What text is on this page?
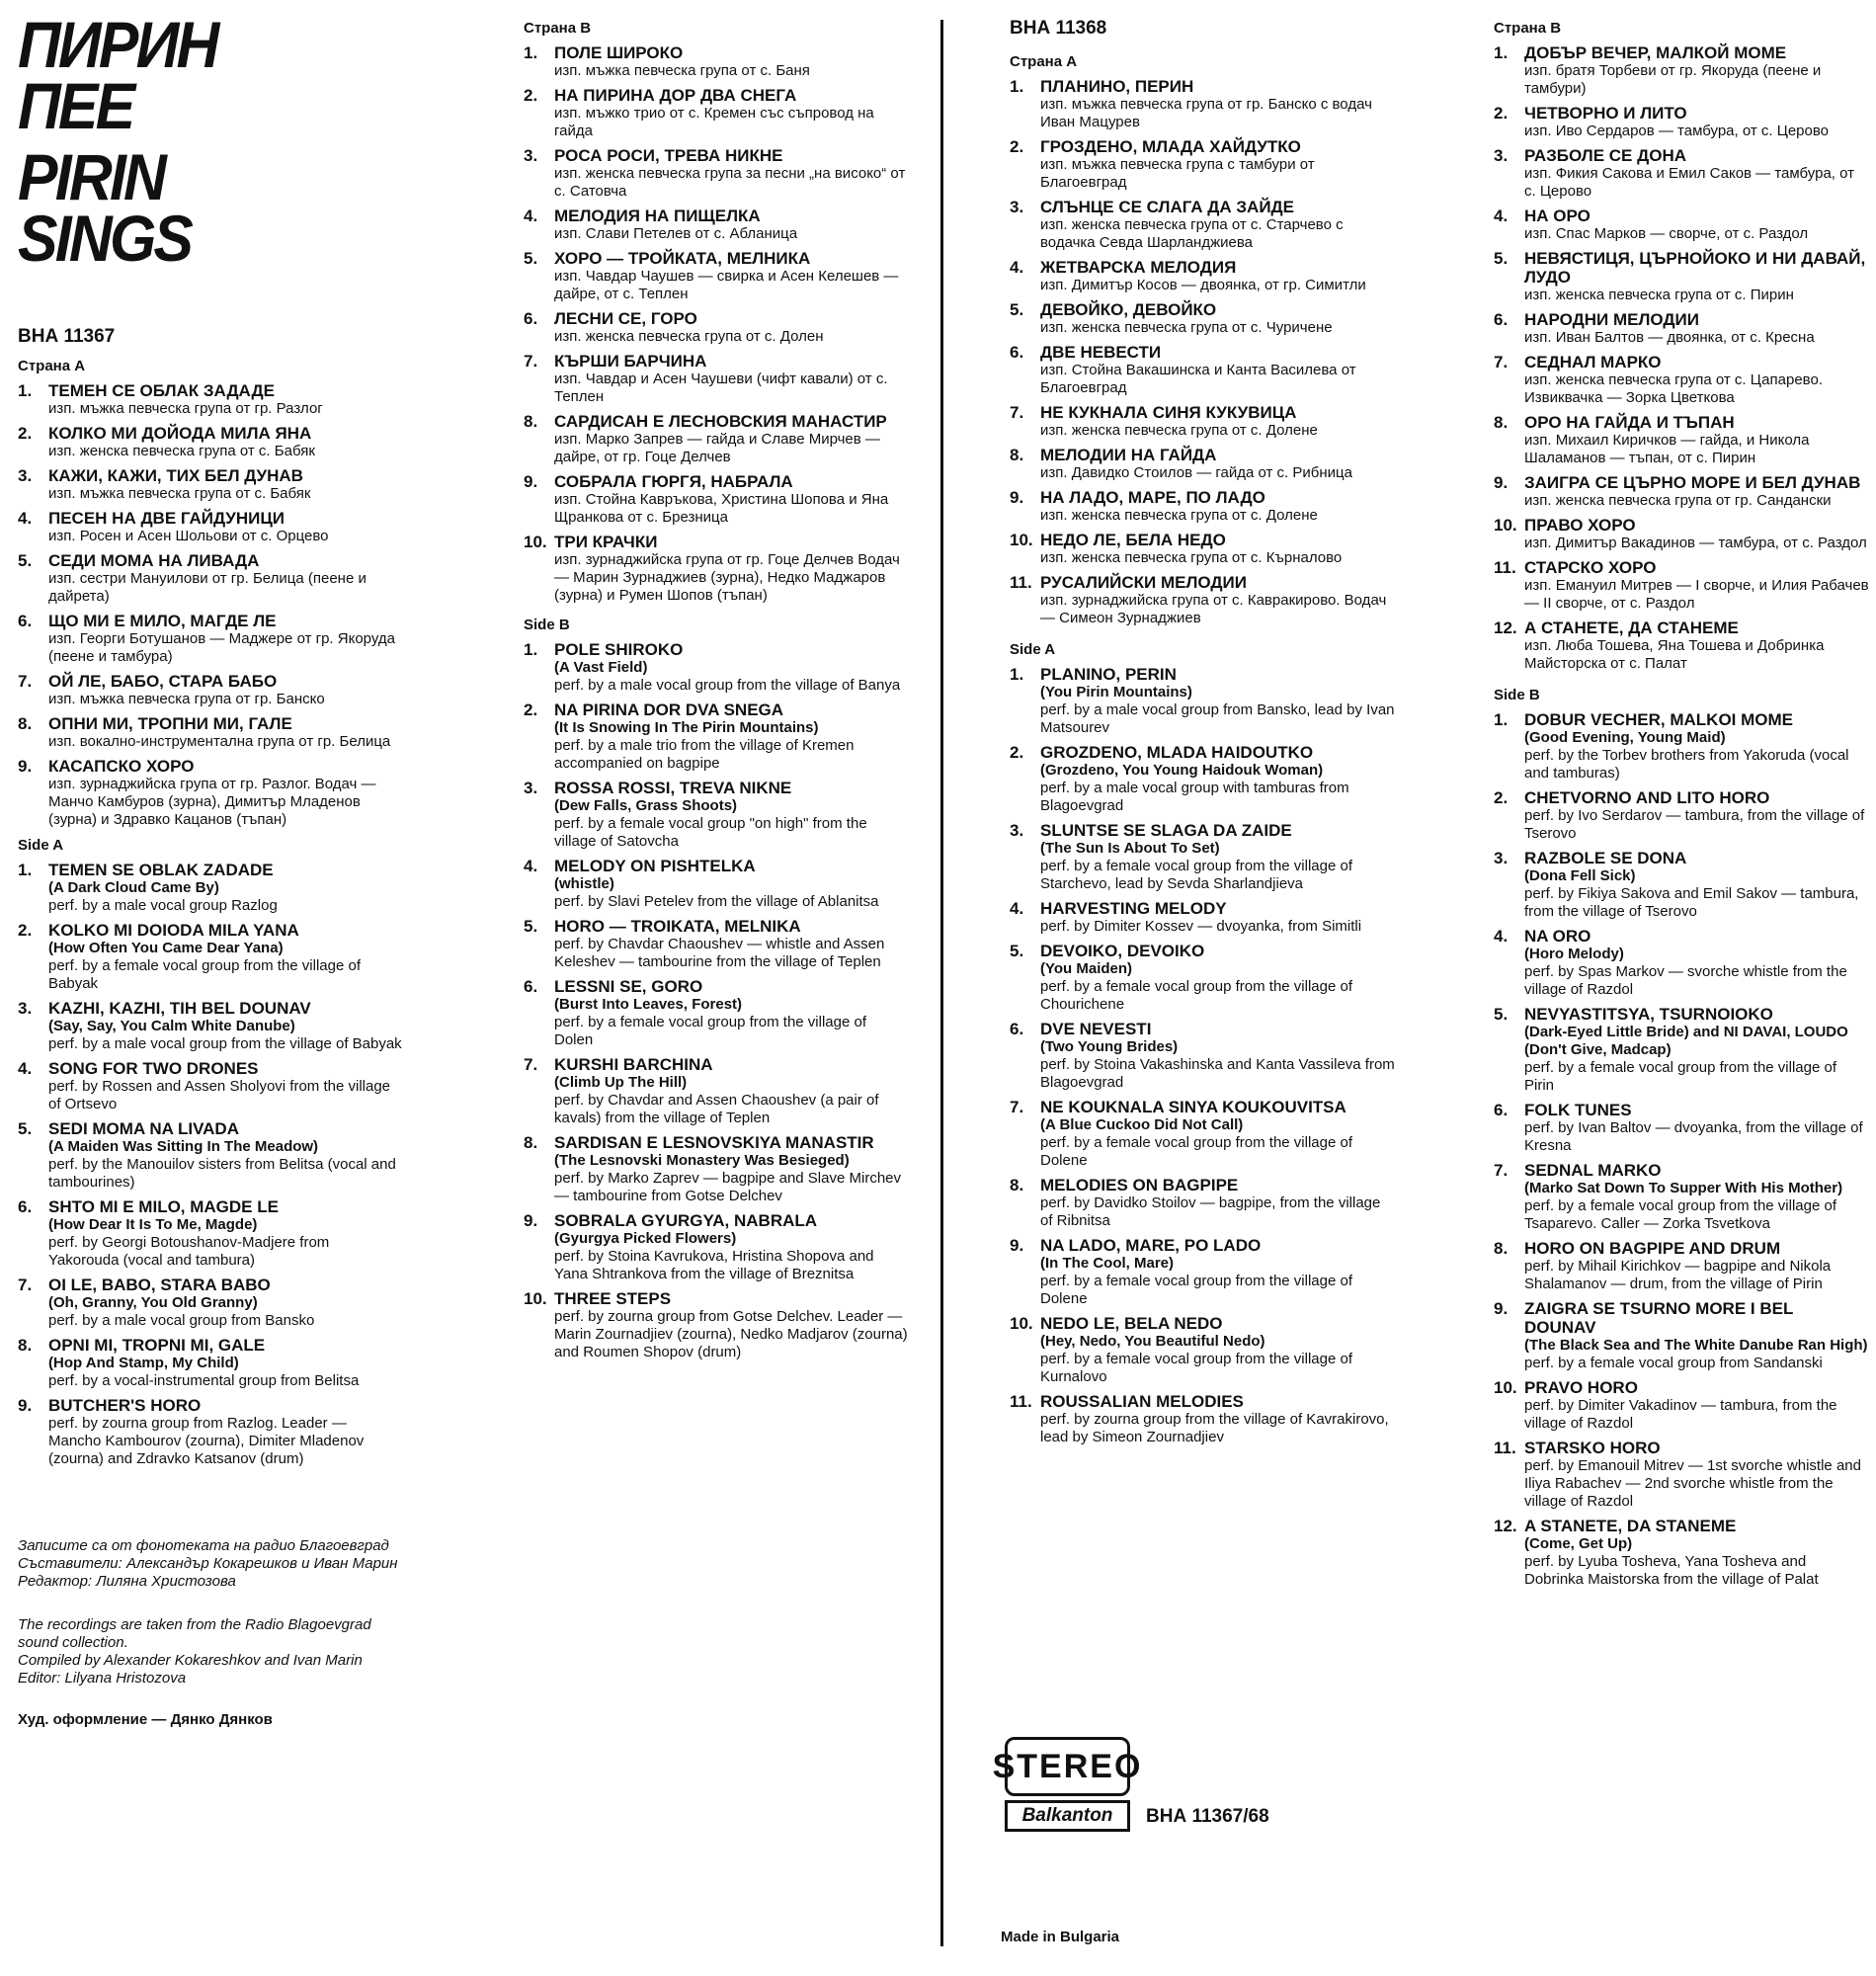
ПИРИН

ПЕЕ

PIRIN

SINGS

ВНА 11367
Страна А
1. ТЕМЕН СЕ ОБЛАК ЗАДАДЕ
изп. мъжка певческа група от гр. Разлог
2. КОЛКО МИ ДОЙОДА МИЛА ЯНА
изп. женска певческа група от с. Бабяк
3. КАЖИ, КАЖИ, ТИХ БЕЛ ДУНАВ
изп. мъжка певческа група от с. Бабяк
4. ПЕСЕН НА ДВЕ ГАЙДУНИЦИ
изп. Росен и Асен Шольови от с. Орцево
5. СЕДИ МОМА НА ЛИВАДА
изп. сестри Мануилови от гр. Белица (пеене и дайрета)
6. ЩО МИ Е МИЛО, МАГДЕ ЛЕ
изп. Георги Ботушанов — Маджере от гр. Якоруда (пеене и тамбура)
7. ОЙ ЛЕ, БАБО, СТАРА БАБО
изп. мъжка певческа група от гр. Банско
8. ОПНИ МИ, ТРОПНИ МИ, ГАЛЕ
изп. вокално-инструментална група от гр. Белица
9. КАСАПСКО ХОРО
изп. зурнаджийска група от гр. Разлог. Водач — Манчо Камбуров (зурна), Димитър Младенов (зурна) и Здравко Кацанов (тъпан)
Side A
1. TEMEN SE OBLAK ZADADE
(A Dark Cloud Came By)
perf. by a male vocal group Razlog
2. KOLKO MI DOIODA MILA YANA
(How Often You Came Dear Yana)
perf. by a female vocal group from the village of Babyak
3. KAZHI, KAZHI, TIH BEL DOUNAV
(Say, Say, You Calm White Danube)
perf. by a male vocal group from the village of Babyak
4. SONG FOR TWO DRONES
perf. by Rossen and Assen Sholyovi from the village of Ortsevo
5. SEDI MOMA NA LIVADA
(A Maiden Was Sitting In The Meadow)
perf. by the Manouilov sisters from Belitsa (vocal and tambourines)
6. SHTO MI E MILO, MAGDE LE
(How Dear It Is To Me, Magde)
perf. by Georgi Botoushanov-Madjere from Yakorouda (vocal and tambura)
7. OI LE, BABO, STARA BABO
(Oh, Granny, You Old Granny)
perf. by a male vocal group from Bansko
8. OPNI MI, TROPNI MI, GALE
(Hop And Stamp, My Child)
perf. by a vocal-instrumental group from Belitsa
9. BUTCHER'S HORO
perf. by zourna group from Razlog. Leader — Mancho Kambourov (zourna), Dimiter Mladenov (zourna) and Zdravko Katsanov (drum)
Записите са от фонотеката на радио Благоевград
Съставители: Александър Кокарешков и Иван Марин
Редактор: Лиляна Христозова
The recordings are taken from the Radio Blagoevgrad sound collection.
Compiled by Alexander Kokareshkov and Ivan Marin
Editor: Lilyana Hristozova
Худ. оформление — Дянко Дянков
Страна В
1. ПОЛЕ ШИРОКО
изп. мъжка певческа група от с. Баня
2. НА ПИРИНА ДОР ДВА СНЕГА
изп. мъжко трио от с. Кремен със съпровод на гайда
3. РОСА РОСИ, ТРЕВА НИКНЕ
изп. женска певческа група за песни „на високо“ от с. Сатовча
4. МЕЛОДИЯ НА ПИЩЕЛКА
изп. Слави Петелев от с. Абланица
5. ХОРО — ТРОЙКАТА, МЕЛНИКА
изп. Чавдар Чаушев — свирка и Асен Келешев — дайре, от с. Теплен
6. ЛЕСНИ СЕ, ГОРО
изп. женска певческа група от с. Долен
7. КЪРШИ БАРЧИНА
изп. Чавдар и Асен Чаушеви (чифт кавали) от с. Теплен
8. САРДИСАН Е ЛЕСНОВСКИЯ МАНАСТИР
изп. Марко Запрев — гайда и Славе Мирчев — дайре, от гр. Гоце Делчев
9. СОБРАЛА ГЮРГЯ, НАБРАЛА
изп. Стойна Кавръкова, Христина Шопова и Яна Щранкова от с. Брезница
10. ТРИ КРАЧКИ
изп. зурнаджийска група от гр. Гоце Делчев Водач — Марин Зурнаджиев (зурна), Недко Маджаров (зурна) и Румен Шопов (тъпан)
Side B
1. POLE SHIROKO
(A Vast Field)
perf. by a male vocal group from the village of Banya
2. NA PIRINA DOR DVA SNEGA
(It Is Snowing In The Pirin Mountains)
perf. by a male trio from the village of Kremen accompanied on bagpipe
3. ROSSA ROSSI, TREVA NIKNE
(Dew Falls, Grass Shoots)
perf. by a female vocal group "on high" from the village of Satovcha
4. MELODY ON PISHTELKA
(whistle)
perf. by Slavi Petelev from the village of Ablanitsa
5. HORO — TROIKATA, MELNIKA
perf. by Chavdar Chaoushev — whistle and Assen Keleshev — tambourine from the village of Teplen
6. LESSNI SE, GORO
(Burst Into Leaves, Forest)
perf. by a female vocal group from the village of Dolen
7. KURSHI BARCHINA
(Climb Up The Hill)
perf. by Chavdar and Assen Chaoushev (a pair of kavals) from the village of Teplen
8. SARDISAN E LESNOVSKIYA MANASTIR
(The Lesnovski Monastery Was Besieged)
perf. by Marko Zaprev — bagpipe and Slave Mirchev — tambourine from Gotse Delchev
9. SOBRALA GYURGYA, NABRALA
(Gyurgya Picked Flowers)
perf. by Stoina Kavrukova, Hristina Shopova and Yana Shtrankova from the village of Breznitsa
10. THREE STEPS
perf. by zourna group from Gotse Delchev. Leader — Marin Zournadjiev (zourna), Nedko Madjarov (zourna) and Roumen Shopov (drum)
ВНА 11368
Страна А
1. ПЛАНИНО, ПЕРИН
изп. мъжка певческа група от гр. Банско с водач Иван Мацурев
2. ГРОЗДЕНО, МЛАДА ХАЙДУТКО
изп. мъжка певческа група с тамбури от Благоевград
3. СЛЪНЦЕ СЕ СЛАГА ДА ЗАЙДЕ
изп. женска певческа група от с. Старчево с водачка Севда Шарланджиева
4. ЖЕТВАРСКА МЕЛОДИЯ
изп. Димитър Косов — двоянка, от гр. Симитли
5. ДЕВОЙКО, ДЕВОЙКО
изп. женска певческа група от с. Чуричене
6. ДВЕ НЕВЕСТИ
изп. Стойна Вакашинска и Канта Василева от Благоевград
7. НЕ КУКНАЛА СИНЯ КУКУВИЦА
изп. женска певческа група от с. Долене
8. МЕЛОДИИ НА ГАЙДА
изп. Давидко Стоилов — гайда от с. Рибница
9. НА ЛАДО, МАРЕ, ПО ЛАДО
изп. женска певческа група от с. Долене
10. НЕДО ЛЕ, БЕЛА НЕДО
изп. женска певческа група от с. Кърналово
11. РУСАЛИЙСКИ МЕЛОДИИ
изп. зурнаджийска група от с. Кавракирово. Водач — Симеон Зурнаджиев
Side A
1. PLANINO, PERIN
(You Pirin Mountains)
perf. by a male vocal group from Bansko, lead by Ivan Matsourev
2. GROZDENO, MLADA HAIDOUTKO
(Grozdeno, You Young Haidouk Woman)
perf. by a male vocal group with tamburas from Blagoevgrad
3. SLUNTSE SE SLAGA DA ZAIDE
(The Sun Is About To Set)
perf. by a female vocal group from the village of Starchevo, lead by Sevda Sharlandjieva
4. HARVESTING MELODY
perf. by Dimiter Kossev — dvoyanka, from Simitli
5. DEVOIKO, DEVOIKO
(You Maiden)
perf. by a female vocal group from the village of Chourichene
6. DVE NEVESTI
(Two Young Brides)
perf. by Stoina Vakashinska and Kanta Vassileva from Blagoevgrad
7. NE KOUKNALA SINYA KOUKOUVITSA
(A Blue Cuckoo Did Not Call)
perf. by a female vocal group from the village of Dolene
8. MELODIES ON BAGPIPE
perf. by Davidko Stoilov — bagpipe, from the village of Ribnitsa
9. NA LADO, MARE, PO LADO
(In The Cool, Mare)
perf. by a female vocal group from the village of Dolene
10. NEDO LE, BELA NEDO
(Hey, Nedo, You Beautiful Nedo)
perf. by a female vocal group from the village of Kurnalovo
11. ROUSSALIAN MELODIES
perf. by zourna group from the village of Kavrakirovo, lead by Simeon Zournadjiev
STEREO
Balkanton	ВНА 11367/68
Made in Bulgaria
Страна В
1. ДОБЪР ВЕЧЕР, МАЛКОЙ МОМЕ
изп. братя Торбеви от гр. Якоруда (пеене и тамбури)
2. ЧЕТВОРНО И ЛИТО
изп. Иво Сердаров — тамбура, от с. Церово
3. РАЗБОЛЕ СЕ ДОНА
изп. Фикия Сакова и Емил Саков — тамбура, от с. Церово
4. НА ОРО
изп. Спас Марков — сворче, от с. Раздол
5. НЕВЯСТИЦЯ, ЦЪРНОЙОКО И НИ ДАВАЙ, ЛУДО
изп. женска певческа група от с. Пирин
6. НАРОДНИ МЕЛОДИИ
изп. Иван Балтов — двоянка, от с. Кресна
7. СЕДНАЛ МАРКО
изп. женска певческа група от с. Цапарево. Извиквачка — Зорка Цветкова
8. ОРО НА ГАЙДА И ТЪПАН
изп. Михаил Киричков — гайда, и Никола Шаламанов — тъпан, от с. Пирин
9. ЗАИГРА СЕ ЦЪРНО МОРЕ И БЕЛ ДУНАВ
изп. женска певческа група от гр. Сандански
10. ПРАВО ХОРО
изп. Димитър Вакадинов — тамбура, от с. Раздол
11. СТАРСКО ХОРО
изп. Емануил Митрев — I сворче, и Илия Рабачев — II сворче, от с. Раздол
12. А СТАНЕТЕ, ДА СТАНЕМЕ
изп. Люба Тошева, Яна Тошева и Добринка Майсторска от с. Палат
Side B
1. DOBUR VECHER, MALKOI MOME
(Good Evening, Young Maid)
perf. by the Torbev brothers from Yakoruda (vocal and tamburas)
2. CHETVORNO AND LITO HORO
perf. by Ivo Serdarov — tambura, from the village of Tserovo
3. RAZBOLE SE DONA
(Dona Fell Sick)
perf. by Fikiya Sakova and Emil Sakov — tambura, from the village of Tserovo
4. NA ORO
(Horo Melody)
perf. by Spas Markov — svorche whistle from the village of Razdol
5. NEVYASTITSYA, TSURNOIOKO
(Dark-Eyed Little Bride) and NI DAVAI, LOUDO (Don't Give, Madcap)
perf. by a female vocal group from the village of Pirin
6. FOLK TUNES
perf. by Ivan Baltov — dvoyanka, from the village of Kresna
7. SEDNAL MARKO
(Marko Sat Down To Supper With His Mother)
perf. by a female vocal group from the village of Tsaparevo. Caller — Zorka Tsvetkova
8. HORO ON BAGPIPE AND DRUM
perf. by Mihail Kirichkov — bagpipe and Nikola Shalamanov — drum, from the village of Pirin
9. ZAIGRA SE TSURNO MORE I BEL DOUNAV
(The Black Sea and The White Danube Ran High)
perf. by a female vocal group from Sandanski
10. PRAVO HORO
perf. by Dimiter Vakadinov — tambura, from the village of Razdol
11. STARSKO HORO
perf. by Emanouil Mitrev — 1st svorche whistle and Iliya Rabachev — 2nd svorche whistle from the village of Razdol
12. A STANETE, DA STANEME
(Come, Get Up)
perf. by Lyuba Tosheva, Yana Tosheva and Dobrinka Maistorska from the village of Palat
